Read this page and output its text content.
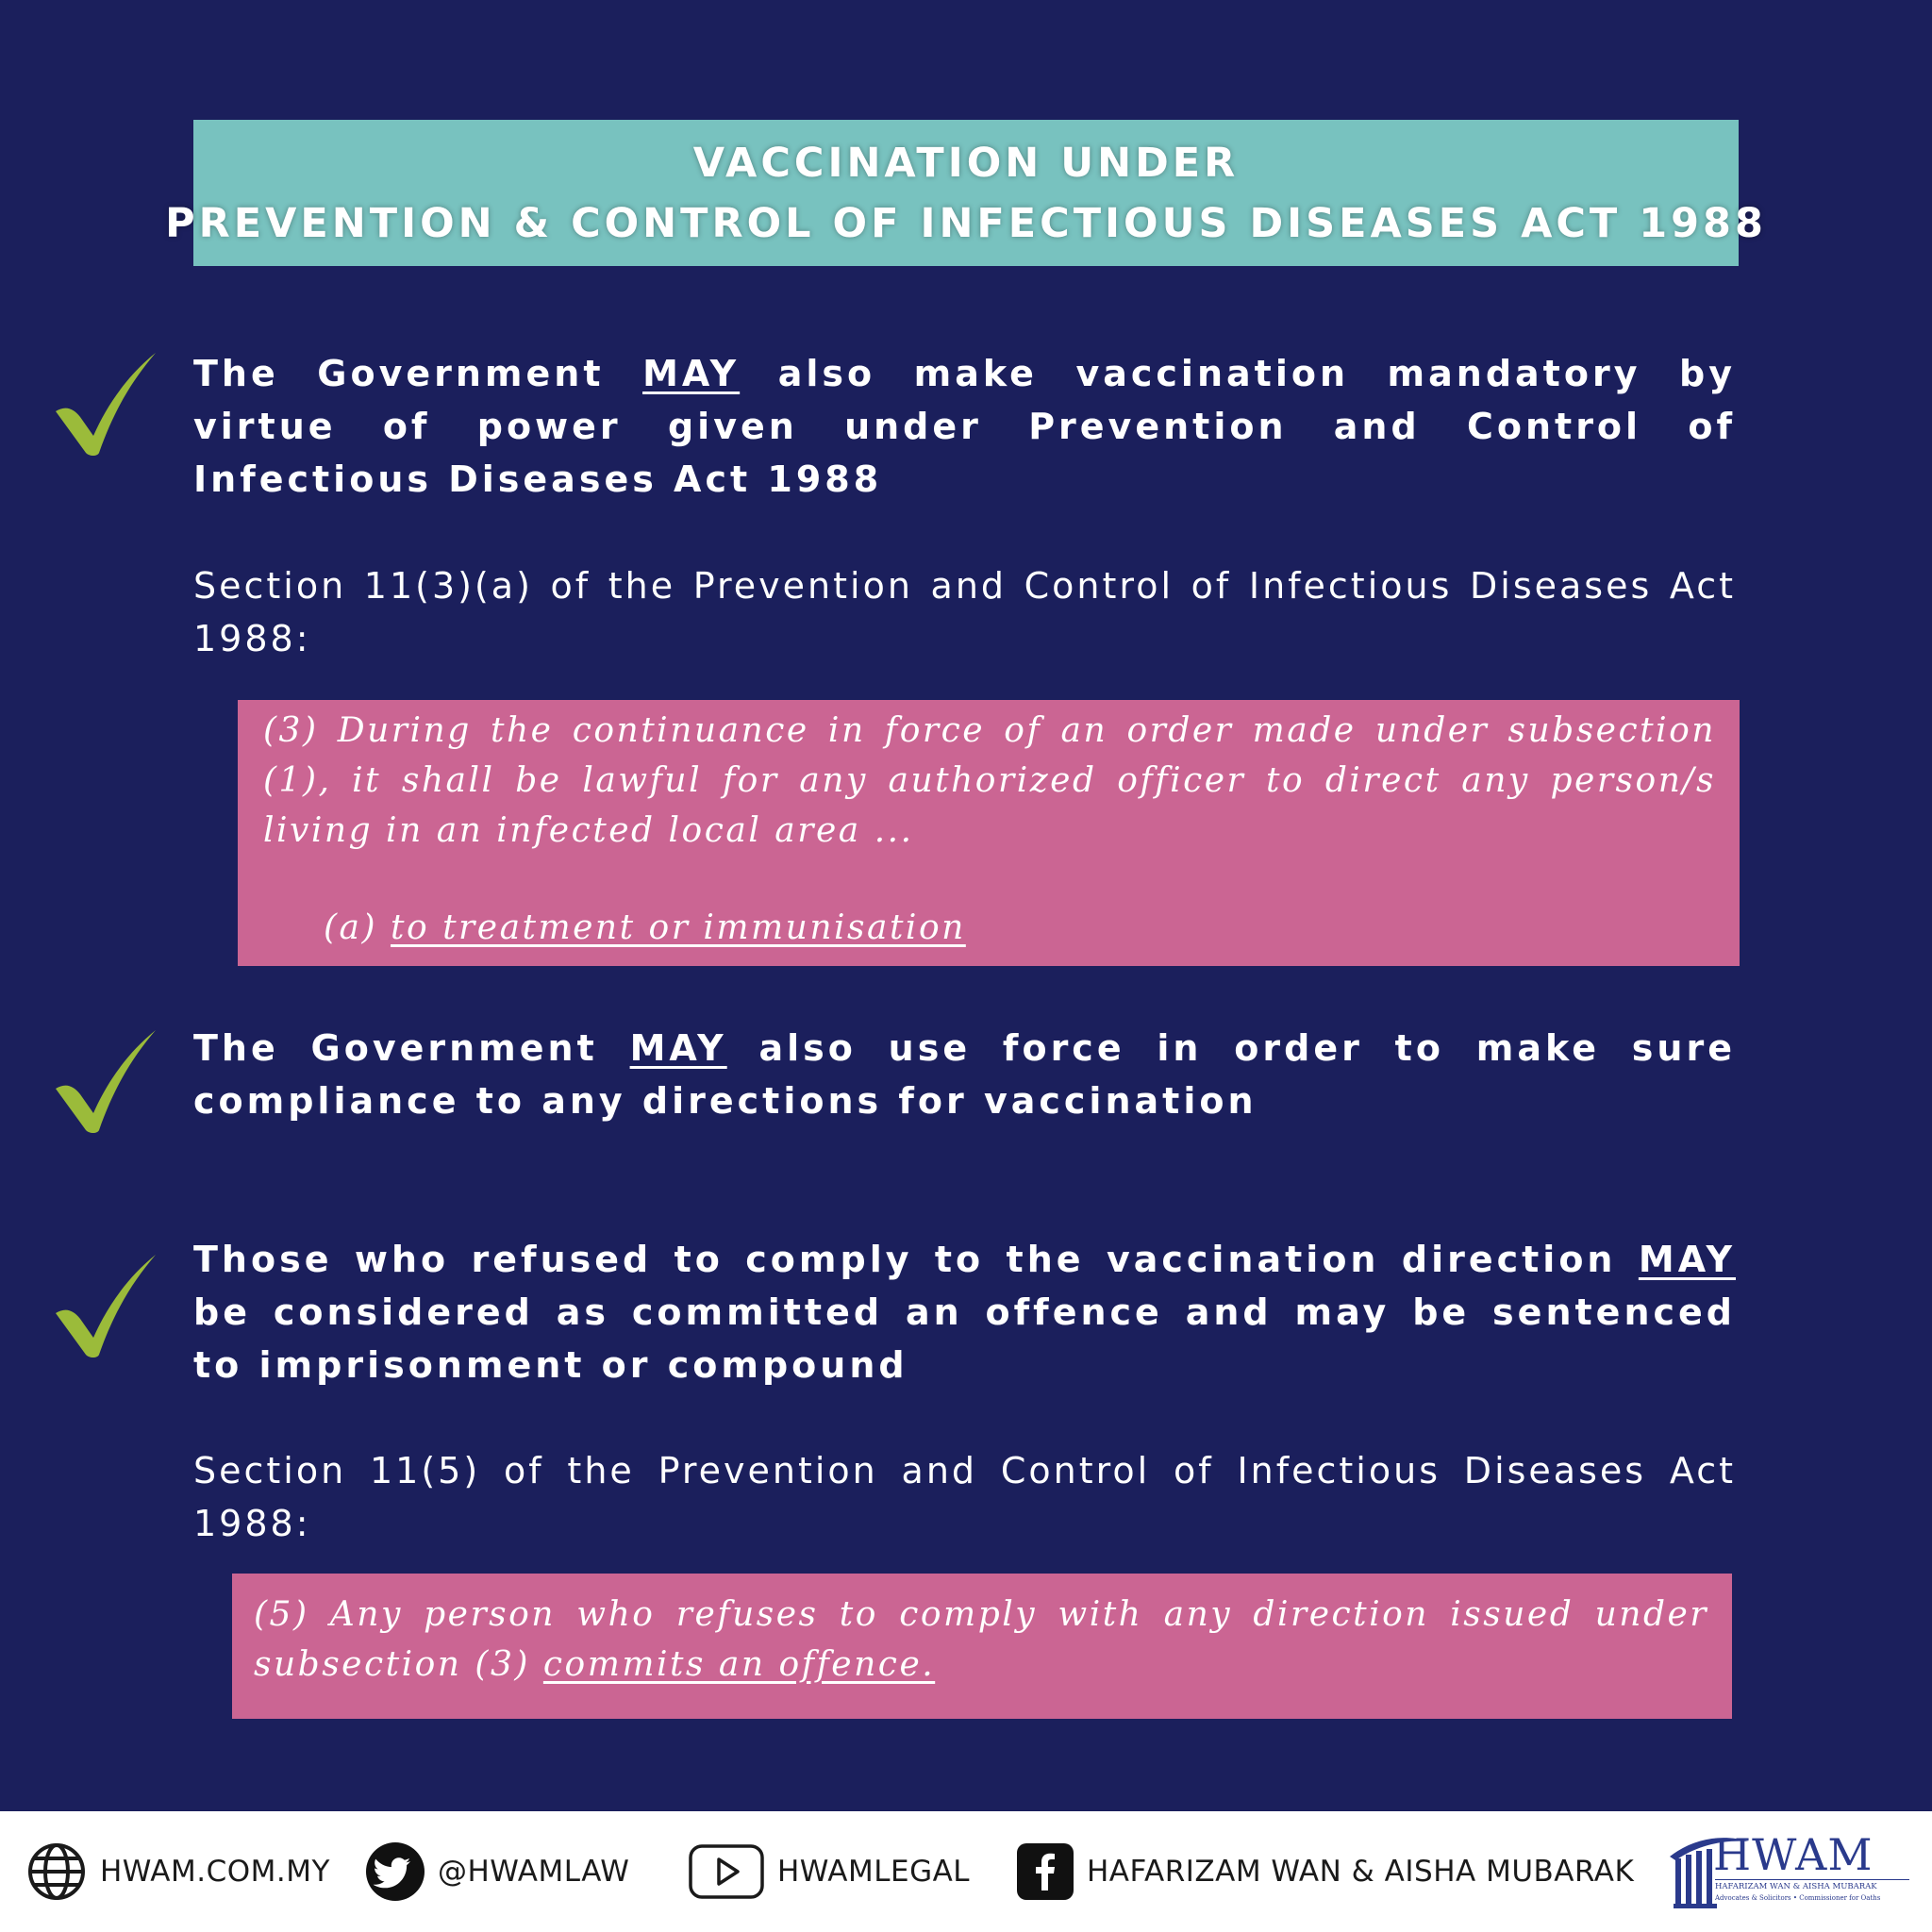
VACCINATION UNDER
PREVENTION & CONTROL OF INFECTIOUS DISEASES ACT 1988
The Government MAY also make vaccination mandatory by virtue of power given under Prevention and Control of Infectious Diseases Act 1988
Section 11(3)(a) of the Prevention and Control of Infectious Diseases Act 1988:
(3) During the continuance in force of an order made under subsection (1), it shall be lawful for any authorized officer to direct any person/s living in an infected local area ...
(a) to treatment or immunisation
The Government MAY also use force in order to make sure compliance to any directions for vaccination
Those who refused to comply to the vaccination direction MAY be considered as committed an offence and may be sentenced to imprisonment or compound
Section 11(5) of the Prevention and Control of Infectious Diseases Act 1988:
(5) Any person who refuses to comply with any direction issued under subsection (3) commits an offence.
HWAM.COM.MY	@HWAMLAW	HWAMLEGAL	HAFARIZAM WAN & AISHA MUBARAK HWAM
HAFARIZAM WAN & AISHA MUBARAK
Advocates & Solicitors • Commissioner for Oaths
